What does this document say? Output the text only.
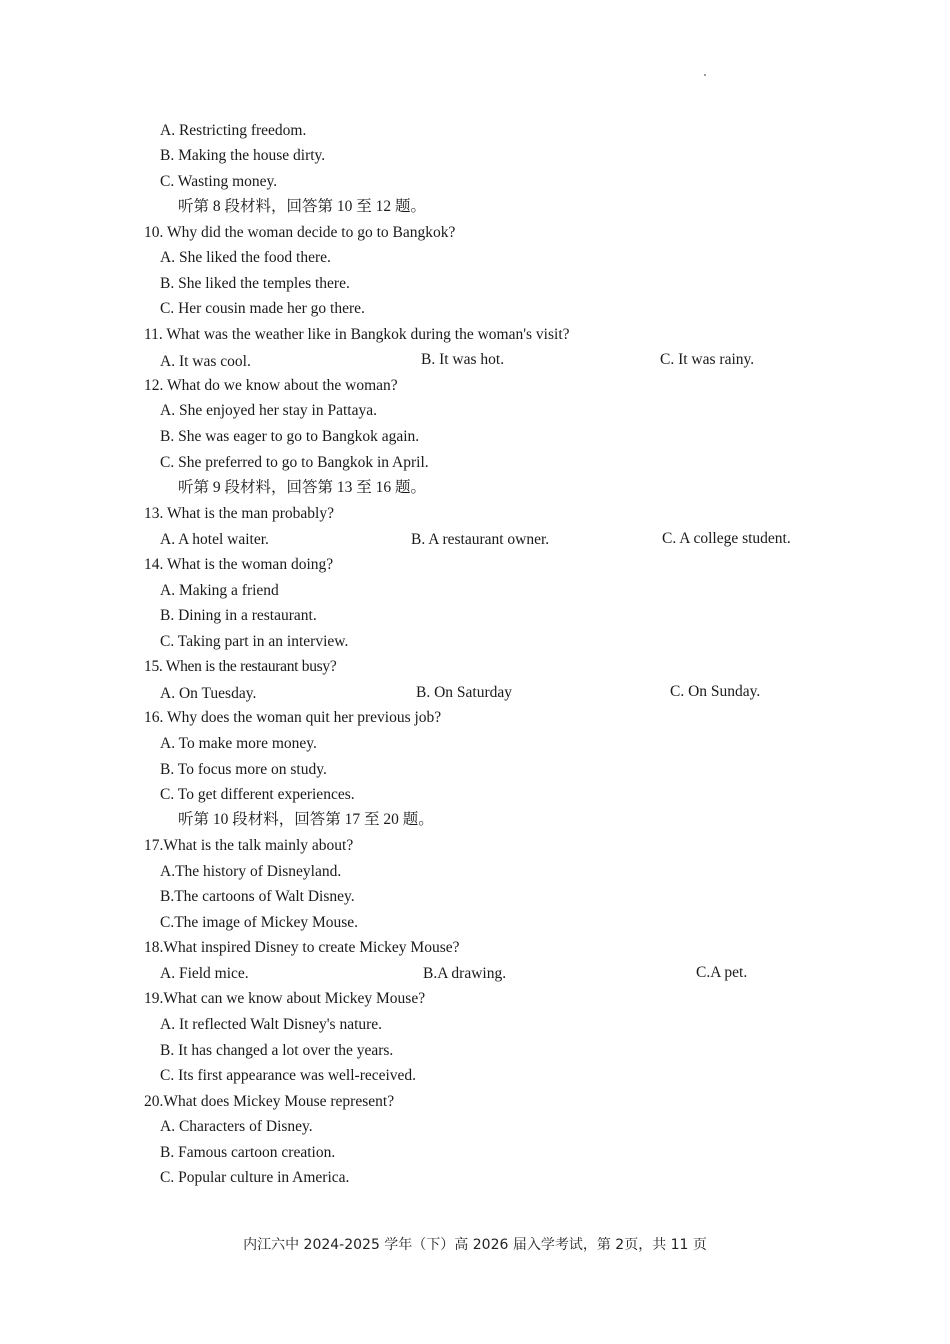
A. Restricting freedom.
B. Making the house dirty.
C. Wasting money.
听第 8 段材料，回答第 10 至 12 题。
10. Why did the woman decide to go to Bangkok?
A. She liked the food there.
B. She liked the temples there.
C. Her cousin made her go there.
11. What was the weather like in Bangkok during the woman's visit?
A. It was cool.	B. It was hot.	C. It was rainy.
12. What do we know about the woman?
A. She enjoyed her stay in Pattaya.
B. She was eager to go to Bangkok again.
C. She preferred to go to Bangkok in April.
听第 9 段材料，回答第 13 至 16 题。
13. What is the man probably?
A. A hotel waiter.	B. A restaurant owner.	C. A college student.
14. What is the woman doing?
A. Making a friend
B. Dining in a restaurant.
C. Taking part in an interview.
15. When is the restaurant busy?
A. On Tuesday.	B. On Saturday	C. On Sunday.
16. Why does the woman quit her previous job?
A. To make more money.
B. To focus more on study.
C. To get different experiences.
听第 10 段材料，回答第 17 至 20 题。
17.What is the talk mainly about?
A.The history of Disneyland.
B.The cartoons of Walt Disney.
C.The image of Mickey Mouse.
18.What inspired Disney to create Mickey Mouse?
A. Field mice.	B.A drawing.	C.A pet.
19.What can we know about Mickey Mouse?
A. It reflected Walt Disney's nature.
B. It has changed a lot over the years.
C. Its first appearance was well-received.
20.What does Mickey Mouse represent?
A. Characters of Disney.
B. Famous cartoon creation.
C. Popular culture in America.
内江六中 2024-2025 学年（下）高 2026 届入学考试，第 2页，共 11 页
